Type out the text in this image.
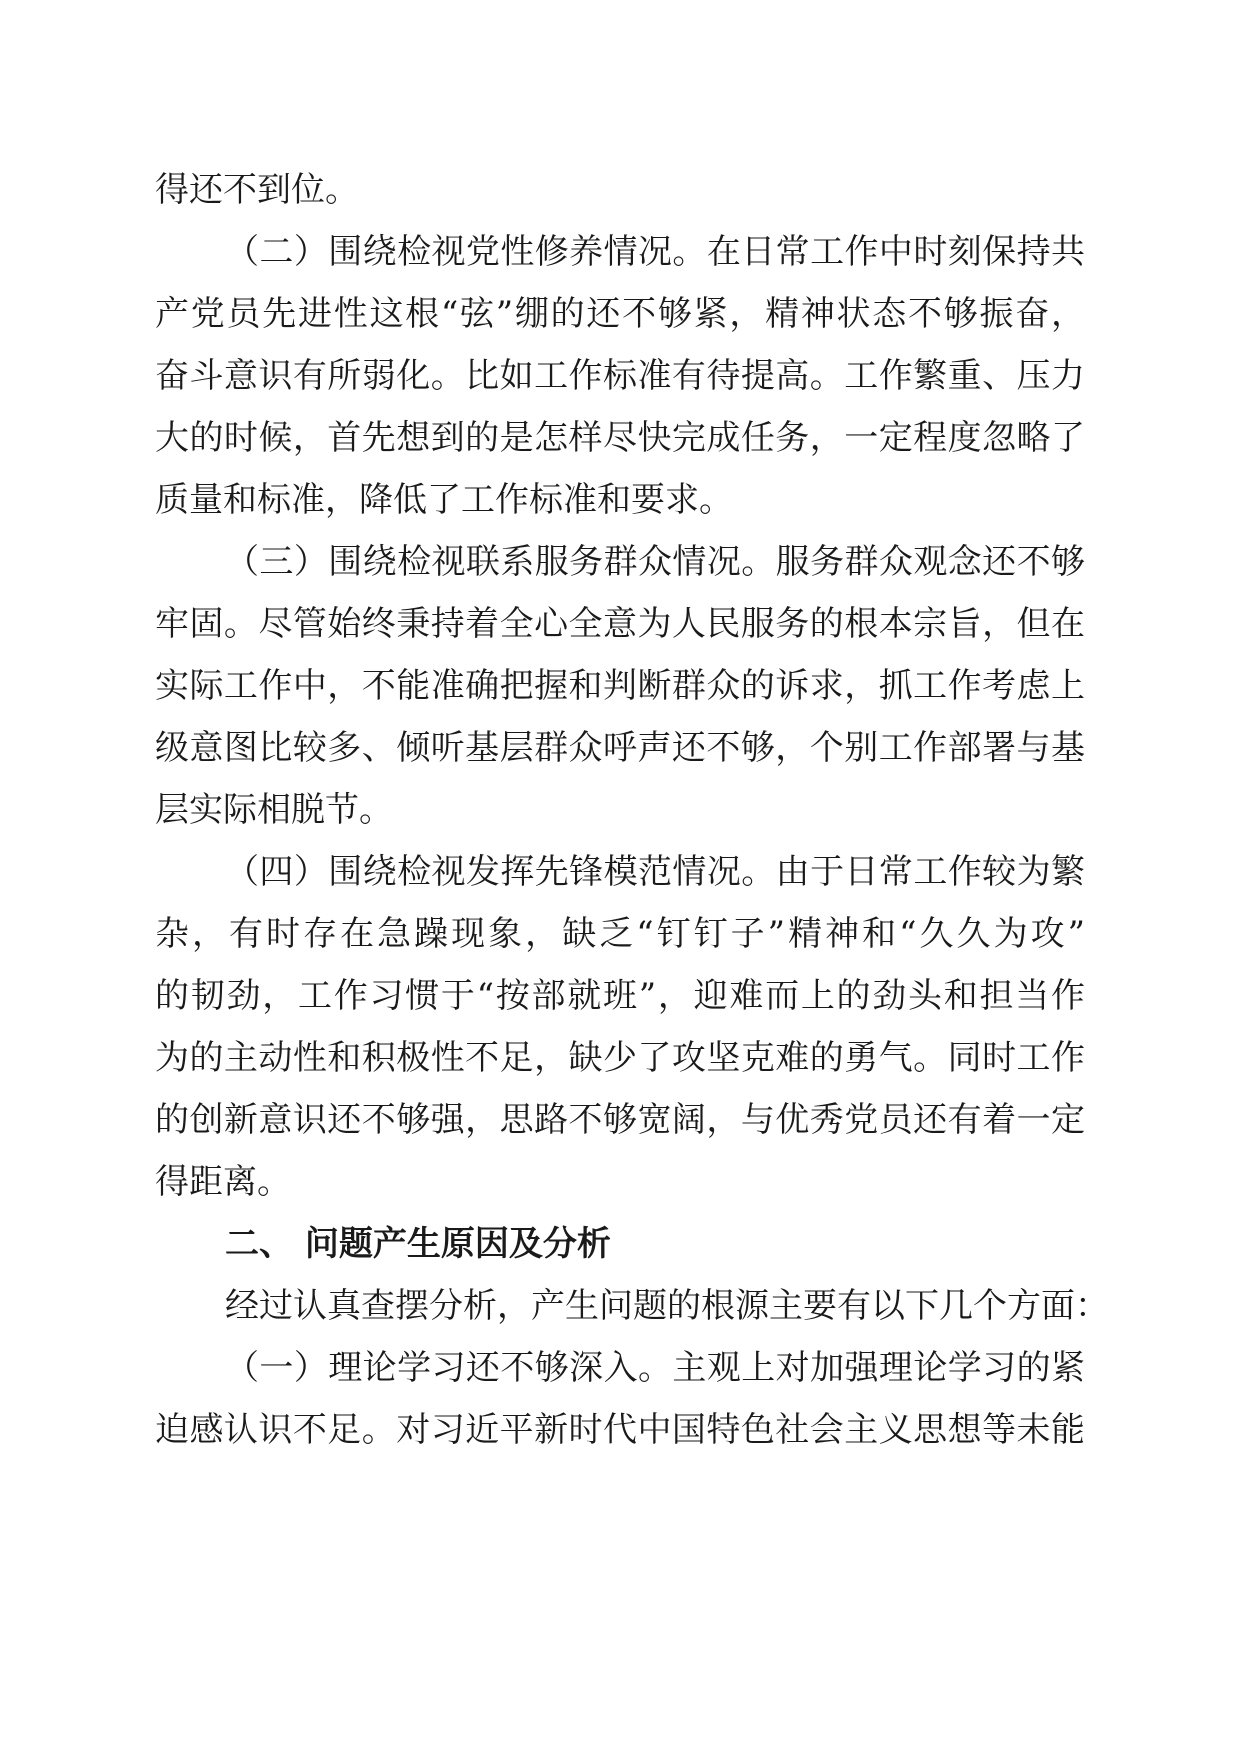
得还不到位。
（二）围绕检视党性修养情况。在日常工作中时刻保持共
产党员先进性这根“弦”绷的还不够紧，精神状态不够振奋，
奋斗意识有所弱化。比如工作标准有待提高。工作繁重、压力
大的时候，首先想到的是怎样尽快完成任务，一定程度忽略了
质量和标准，降低了工作标准和要求。
（三）围绕检视联系服务群众情况。服务群众观念还不够
牢固。尽管始终秉持着全心全意为人民服务的根本宗旨，但在
实际工作中，不能准确把握和判断群众的诉求，抓工作考虑上
级意图比较多、倾听基层群众呼声还不够，个别工作部署与基
层实际相脱节。
（四）围绕检视发挥先锋模范情况。由于日常工作较为繁
杂，有时存在急躁现象，缺乏“钉钉子”精神和“久久为攻”
的韧劲，工作习惯于“按部就班”，迎难而上的劲头和担当作
为的主动性和积极性不足，缺少了攻坚克难的勇气。同时工作
的创新意识还不够强，思路不够宽阔，与优秀党员还有着一定
得距离。
二、 问题产生原因及分析
经过认真查摆分析，产生问题的根源主要有以下几个方面：
（一）理论学习还不够深入。主观上对加强理论学习的紧
迫感认识不足。对习近平新时代中国特色社会主义思想等未能
